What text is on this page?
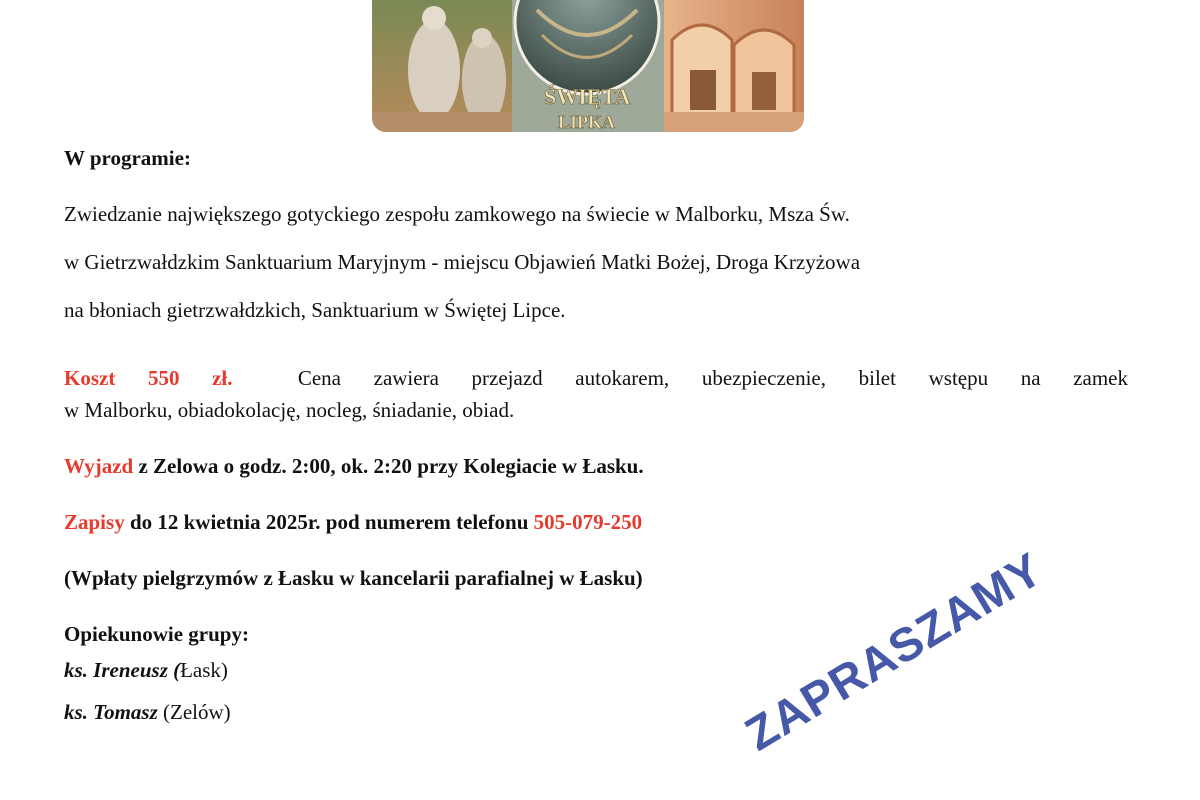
ŚWIĘTA
LIPKA
W programie:
Zwiedzanie największego gotyckiego zespołu zamkowego na świecie w Malborku, Msza Św.
w Gietrzwałdzkim Sanktuarium Maryjnym - miejscu Objawień Matki Bożej, Droga Krzyżowa
na błoniach gietrzwałdzkich, Sanktuarium w Świętej Lipce.
Koszt 550 zł.	Cena zawiera przejazd autokarem, ubezpieczenie, bilet wstępu na zamek
w Malborku, obiadokolację, nocleg, śniadanie, obiad.
Wyjazd z Zelowa o godz. 2:00, ok. 2:20 przy Kolegiacie w Łasku.
Zapisy do 12 kwietnia 2025r. pod numerem telefonu 505-079-250
(Wpłaty pielgrzymów z Łasku w kancelarii parafialnej w Łasku)
Opiekunowie grupy:
ks. Ireneusz (Łask)
ks. Tomasz (Zelów)	ZAPRASZAMY
